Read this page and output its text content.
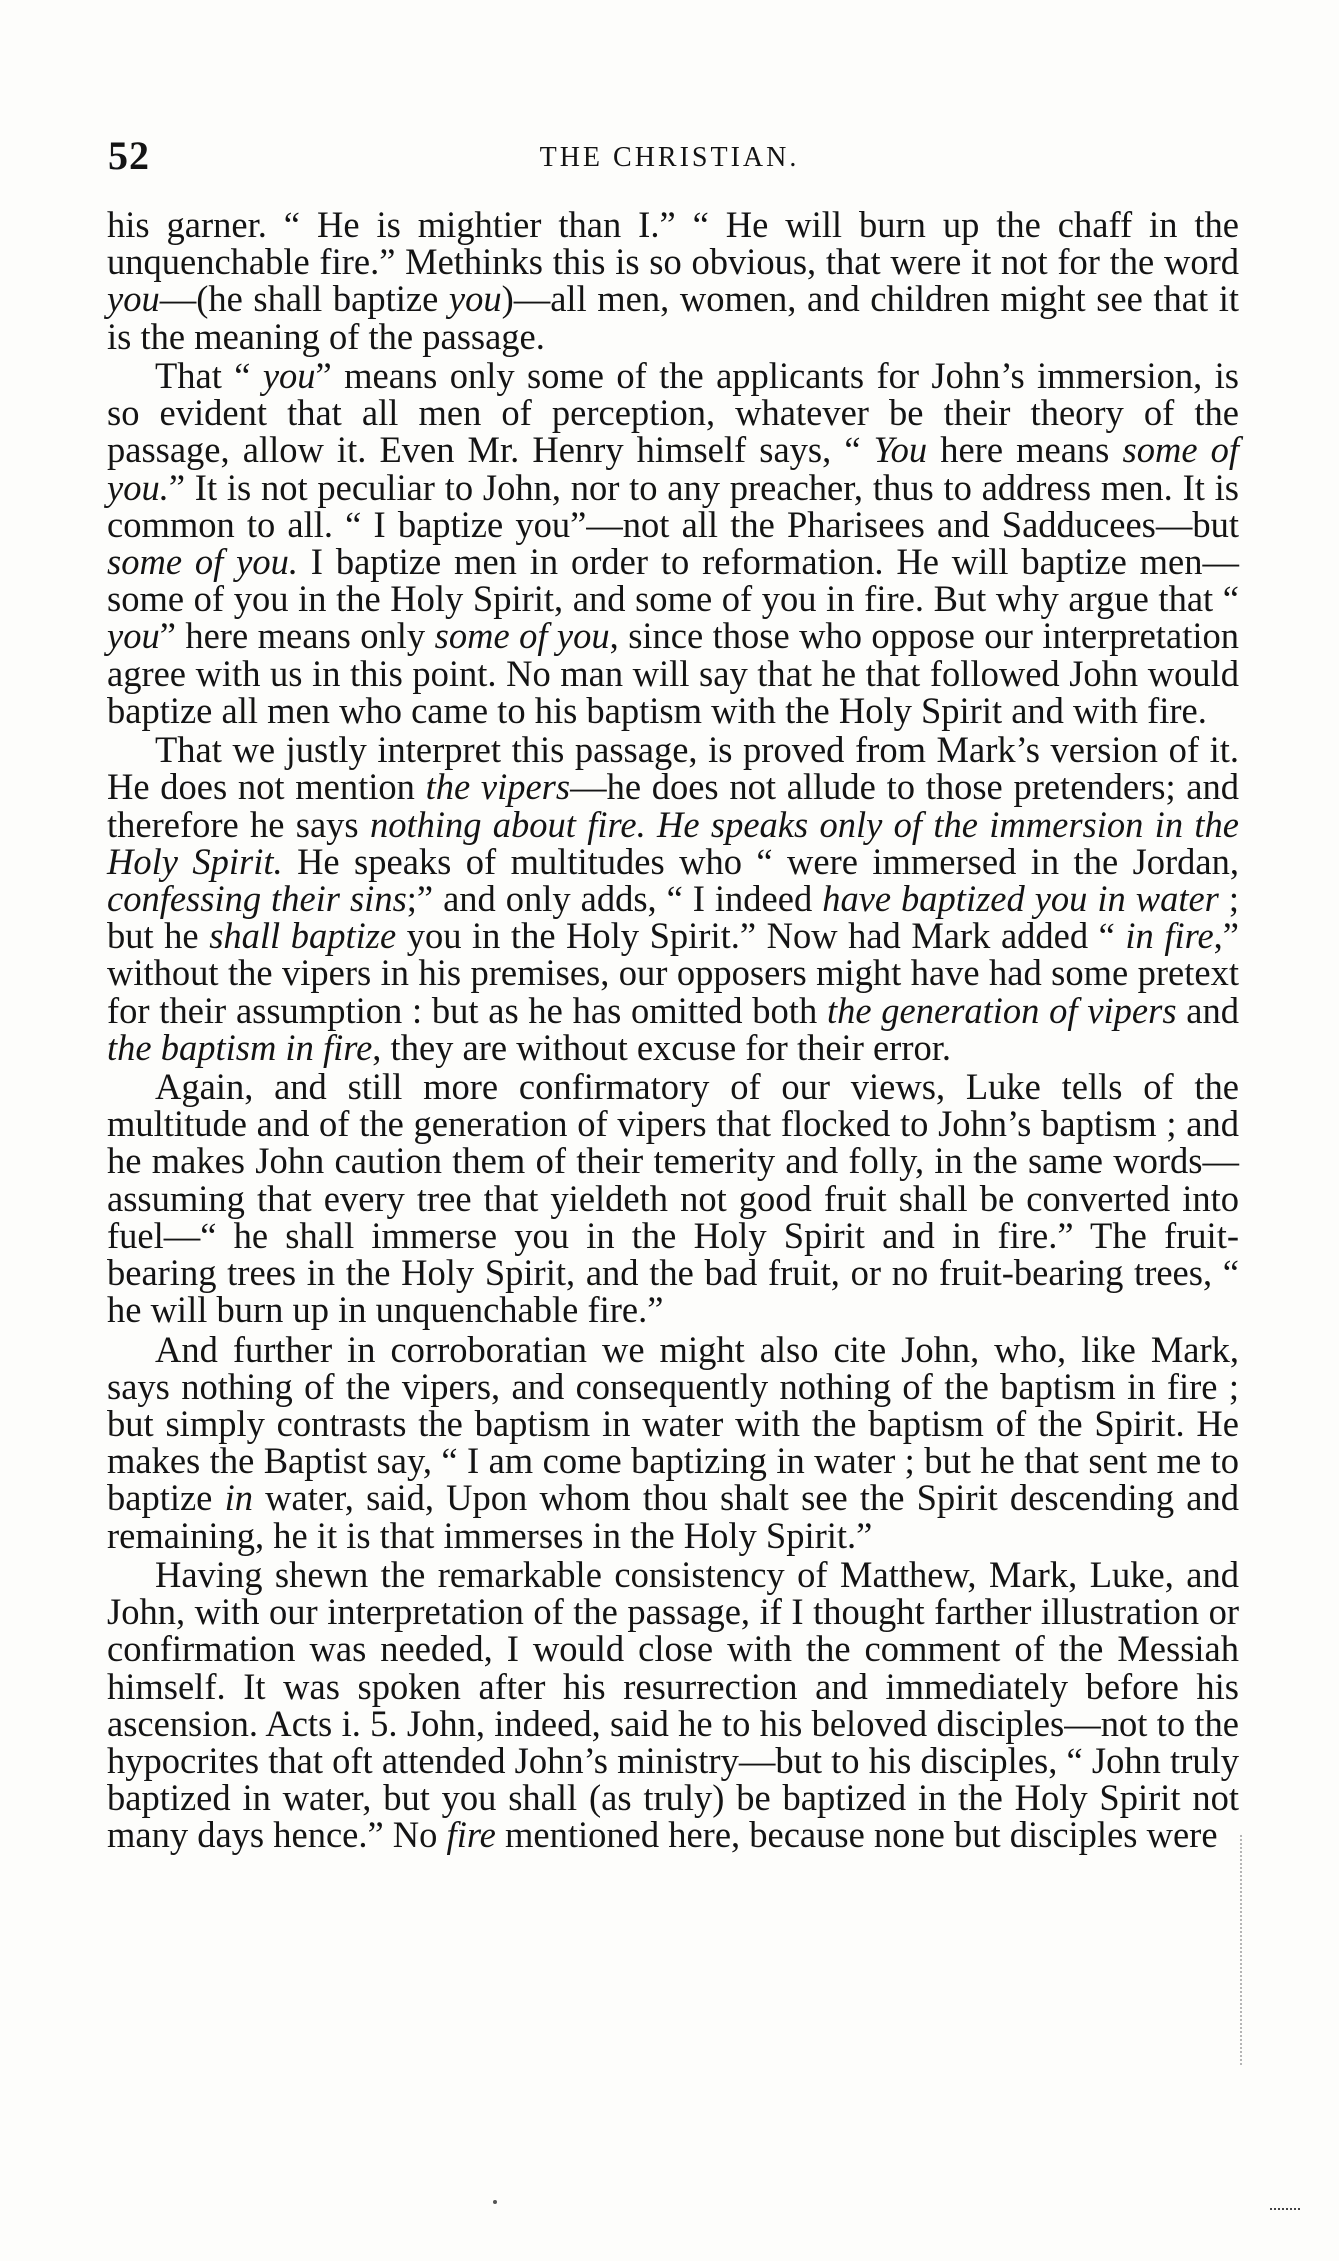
52	THE CHRISTIAN.

his garner. “ He is mightier than I.” “ He will burn up the chaff in the unquenchable fire.” Methinks this is so obvious, that were it not for the word you—(he shall baptize you)—all men, women, and children might see that it is the meaning of the passage.

That “ you” means only some of the applicants for John’s immersion, is so evident that all men of perception, whatever be their theory of the passage, allow it. Even Mr. Henry himself says, “ You here means some of you.” It is not peculiar to John, nor to any preacher, thus to address men. It is common to all. “ I baptize you”—not all the Pharisees and Sadducees—but some of you. I baptize men in order to reformation. He will baptize men—some of you in the Holy Spirit, and some of you in fire. But why argue that “ you” here means only some of you, since those who oppose our interpretation agree with us in this point. No man will say that he that followed John would baptize all men who came to his baptism with the Holy Spirit and with fire.

That we justly interpret this passage, is proved from Mark’s version of it. He does not mention the vipers—he does not allude to those pretenders; and therefore he says nothing about fire. He speaks only of the immersion in the Holy Spirit. He speaks of multitudes who “ were immersed in the Jordan, confessing their sins;” and only adds, “ I indeed have baptized you in water ; but he shall baptize you in the Holy Spirit.” Now had Mark added “ in fire,” without the vipers in his premises, our opposers might have had some pretext for their assumption : but as he has omitted both the generation of vipers and the baptism in fire, they are without excuse for their error.

Again, and still more confirmatory of our views, Luke tells of the multitude and of the generation of vipers that flocked to John’s baptism ; and he makes John caution them of their temerity and folly, in the same words—assuming that every tree that yieldeth not good fruit shall be converted into fuel—“ he shall immerse you in the Holy Spirit and in fire.” The fruit-bearing trees in the Holy Spirit, and the bad fruit, or no fruit-bearing trees, “ he will burn up in unquenchable fire.”

And further in corroboratian we might also cite John, who, like Mark, says nothing of the vipers, and consequently nothing of the baptism in fire ; but simply contrasts the baptism in water with the baptism of the Spirit. He makes the Baptist say, “ I am come baptizing in water ; but he that sent me to baptize in water, said, Upon whom thou shalt see the Spirit descending and remaining, he it is that immerses in the Holy Spirit.”

Having shewn the remarkable consistency of Matthew, Mark, Luke, and John, with our interpretation of the passage, if I thought farther illustration or confirmation was needed, I would close with the comment of the Messiah himself. It was spoken after his resurrection and immediately before his ascension. Acts i. 5. John, indeed, said he to his beloved disciples—not to the hypocrites that oft attended John’s ministry—but to his disciples, “ John truly baptized in water, but you shall (as truly) be baptized in the Holy Spirit not many days hence.” No fire mentioned here, because none but disciples were
